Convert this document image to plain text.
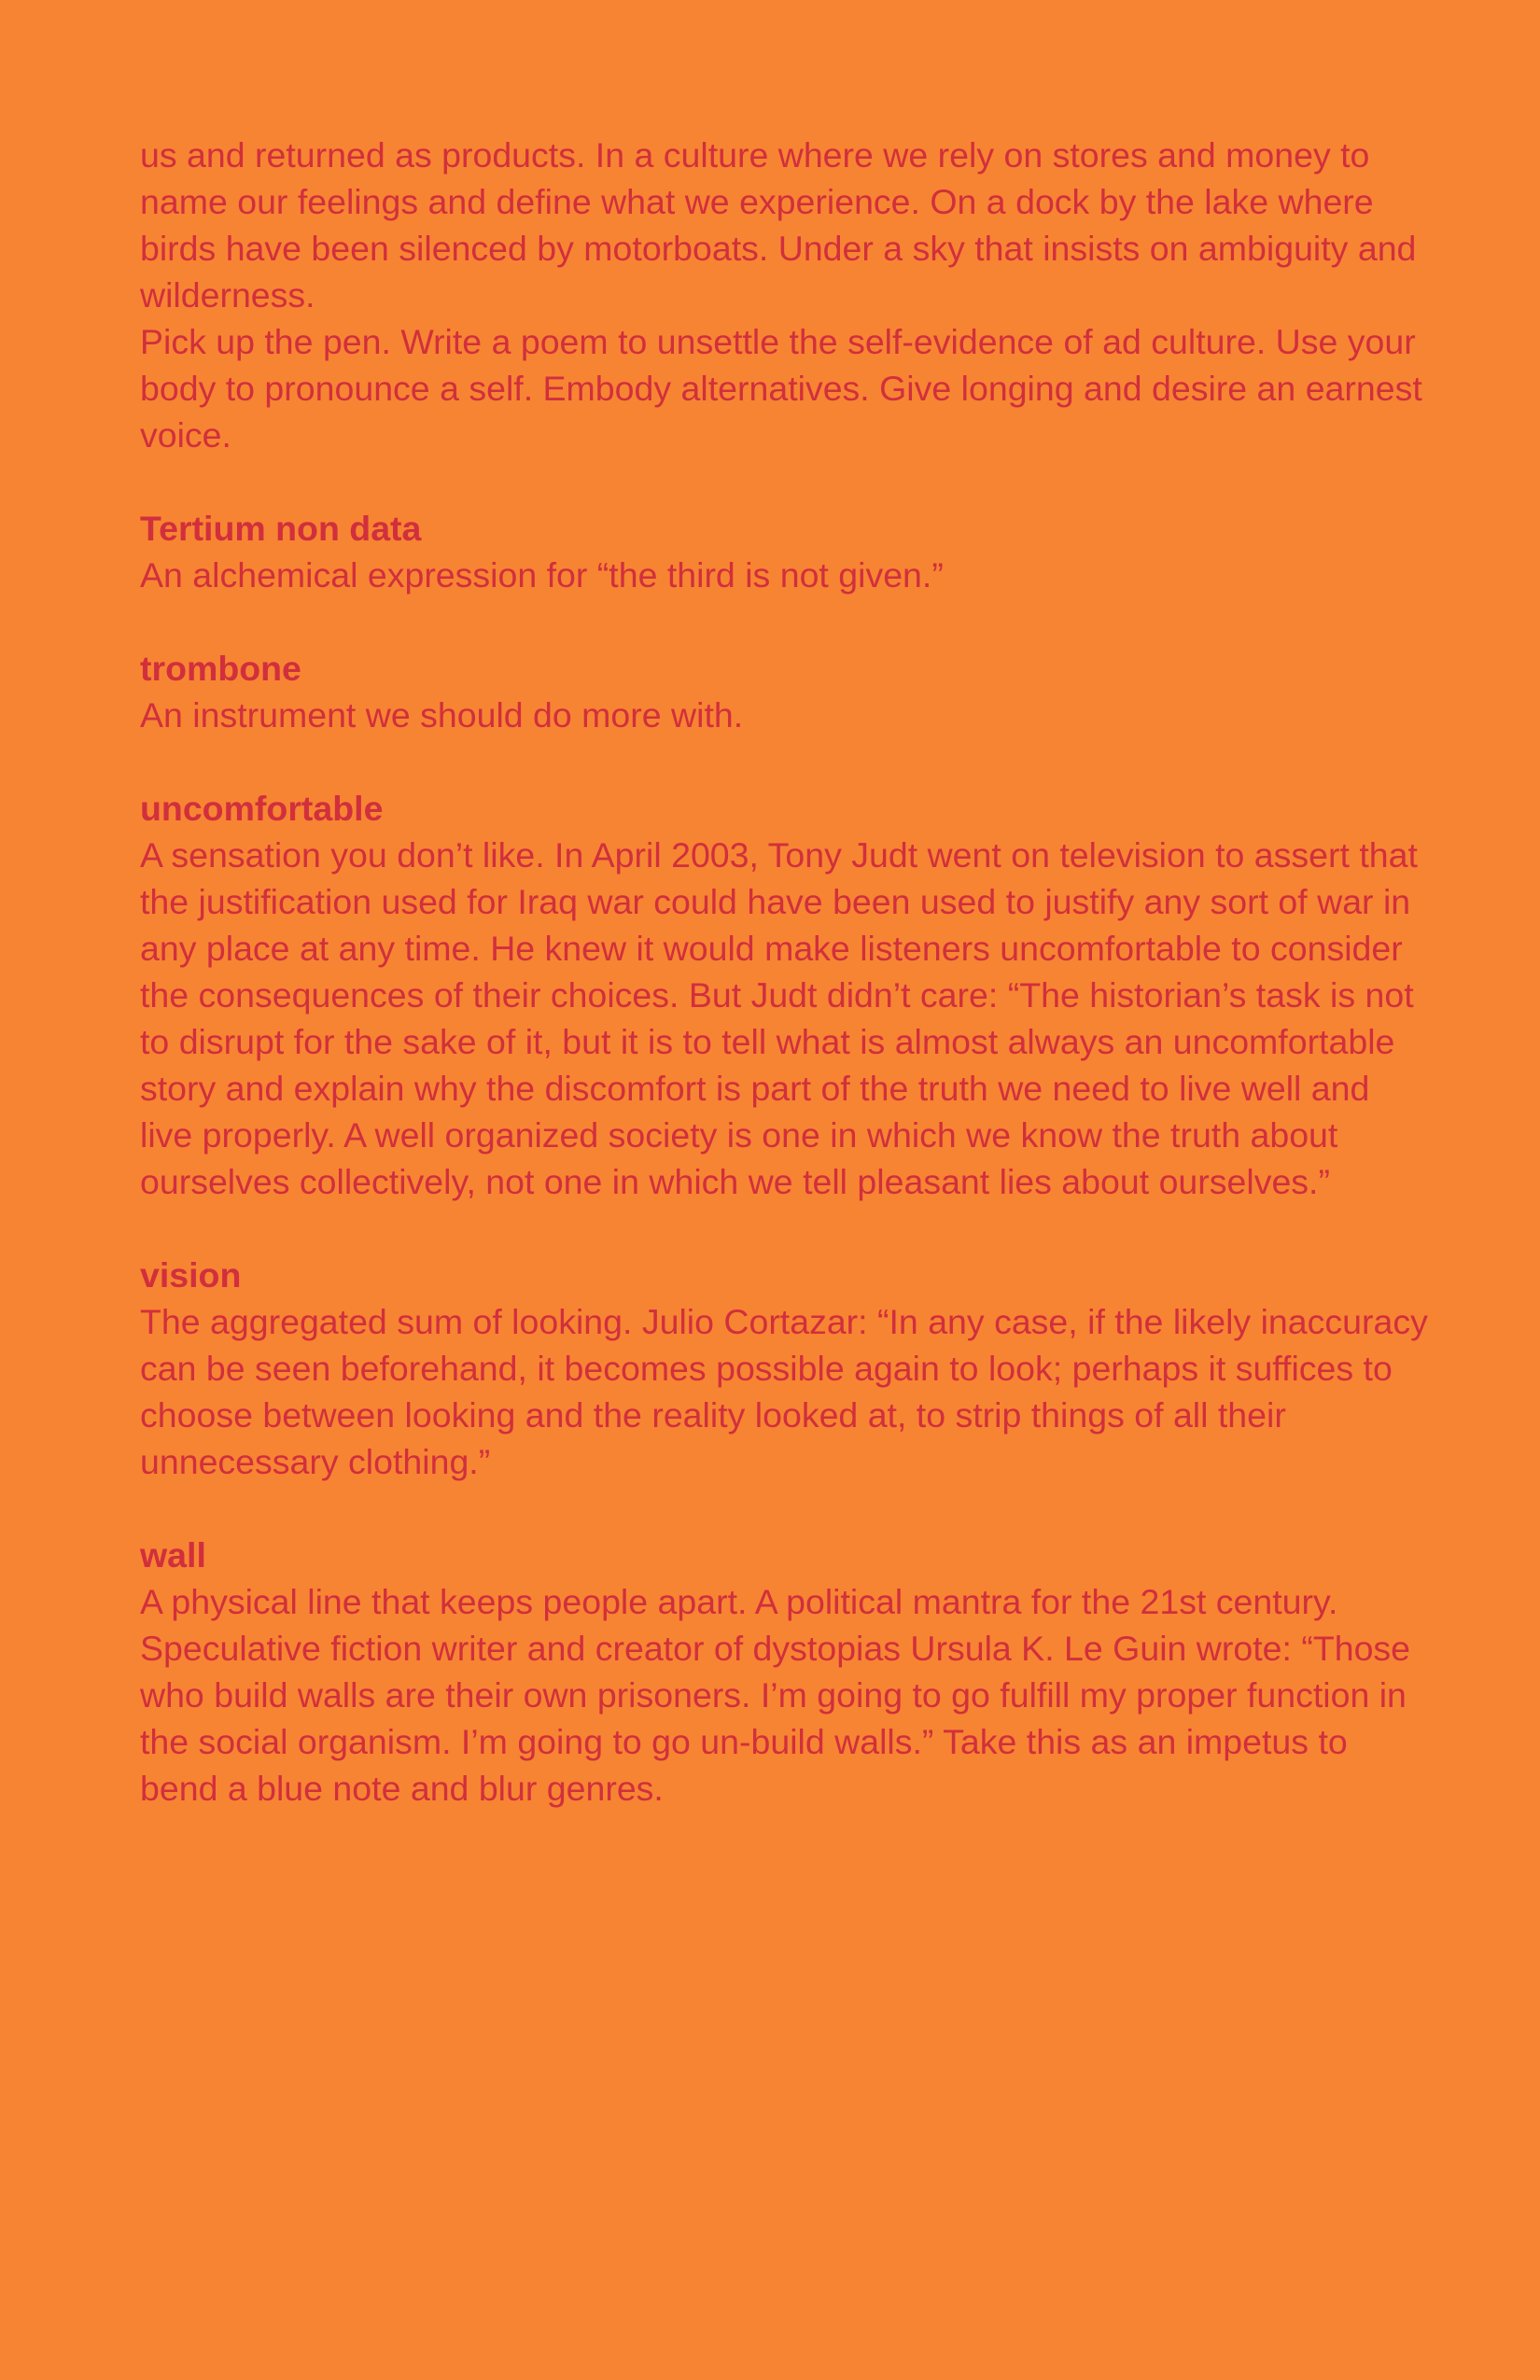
us and returned as products. In a culture where we rely on stores and money to name our feelings and define what we experience. On a dock by the lake where birds have been silenced by motorboats. Under a sky that insists on ambiguity and wilderness.

Pick up the pen. Write a poem to unsettle the self-evidence of ad culture. Use your body to pronounce a self. Embody alternatives. Give longing and desire an earnest voice.

Tertium non data

An alchemical expression for “the third is not given.”

trombone

An instrument we should do more with.

uncomfortable

A sensation you don’t like. In April 2003, Tony Judt went on television to assert that the justification used for Iraq war could have been used to justify any sort of war in any place at any time. He knew it would make listeners uncomfortable to consider the consequences of their choices. But Judt didn’t care: “The historian’s task is not to disrupt for the sake of it, but it is to tell what is almost always an uncomfortable story and explain why the discomfort is part of the truth we need to live well and live properly. A well organized society is one in which we know the truth about ourselves collectively, not one in which we tell pleasant lies about ourselves.”

vision

The aggregated sum of looking. Julio Cortazar: “In any case, if the likely inaccuracy can be seen beforehand, it becomes possible again to look; perhaps it suffices to choose between looking and the reality looked at, to strip things of all their unnecessary clothing.”

wall

A physical line that keeps people apart. A political mantra for the 21st century. Speculative fiction writer and creator of dystopias Ursula K. Le Guin wrote: “Those who build walls are their own prisoners. I’m going to go fulfill my proper function in the social organism. I’m going to go un-build walls.” Take this as an impetus to bend a blue note and blur genres.
